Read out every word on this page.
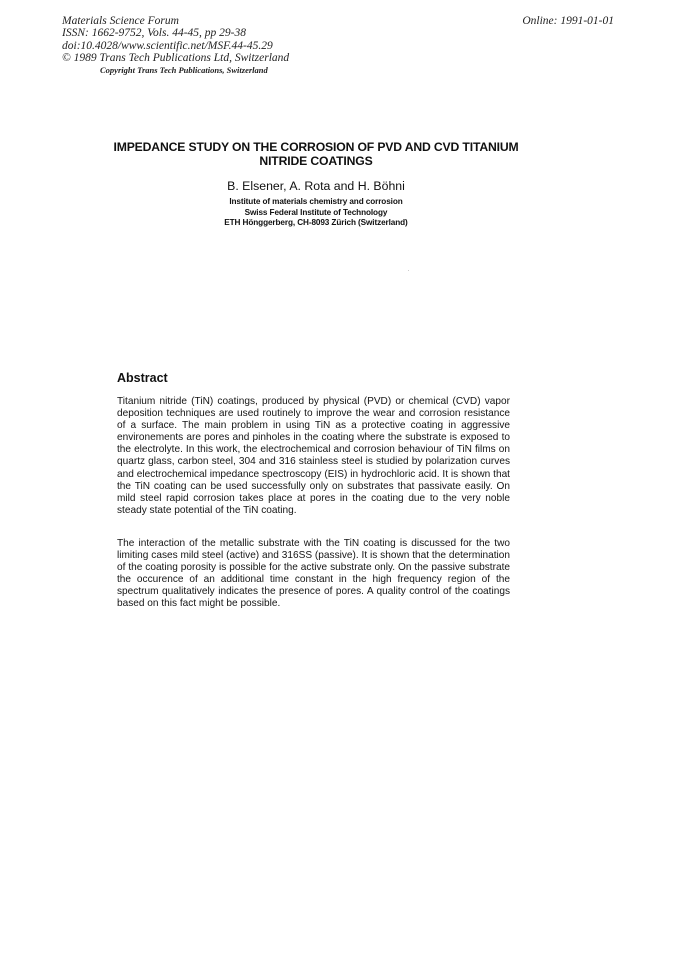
Materials Science Forum
ISSN: 1662-9752, Vols. 44-45, pp 29-38
doi:10.4028/www.scientific.net/MSF.44-45.29
© 1989 Trans Tech Publications Ltd, Switzerland
Online: 1991-01-01
Copyright Trans Tech Publications, Switzerland
IMPEDANCE STUDY ON THE CORROSION OF PVD AND CVD TITANIUM
NITRIDE COATINGS
B. Elsener, A. Rota and H. Böhni
Institute of materials chemistry and corrosion
Swiss Federal Institute of Technology
ETH Hönggerberg, CH-8093 Zürich (Switzerland)
Abstract
Titanium nitride (TiN) coatings, produced by physical (PVD) or chemical (CVD) vapor deposition techniques are used routinely to improve the wear and corrosion resistance of a surface. The main problem in using TiN as a protective coating in aggressive environements are pores and pinholes in the coating where the substrate is exposed to the electrolyte. In this work, the electrochemical and corrosion behaviour of TiN films on quartz glass, carbon steel, 304 and 316 stainless steel is studied by polarization curves and electrochemical impedance spectroscopy (EIS) in hydrochloric acid. It is shown that the TiN coating can be used successfully only on substrates that passivate easily. On mild steel rapid corrosion takes place at pores in the coating due to the very noble steady state potential of the TiN coating.
The interaction of the metallic substrate with the TiN coating is discussed for the two limiting cases mild steel (active) and 316SS (passive). It is shown that the determination of the coating porosity is possible for the active substrate only. On the passive substrate the occurence of an additional time constant in the high frequency region of the spectrum qualitatively indicates the presence of pores. A quality control of the coatings based on this fact might be possible.
